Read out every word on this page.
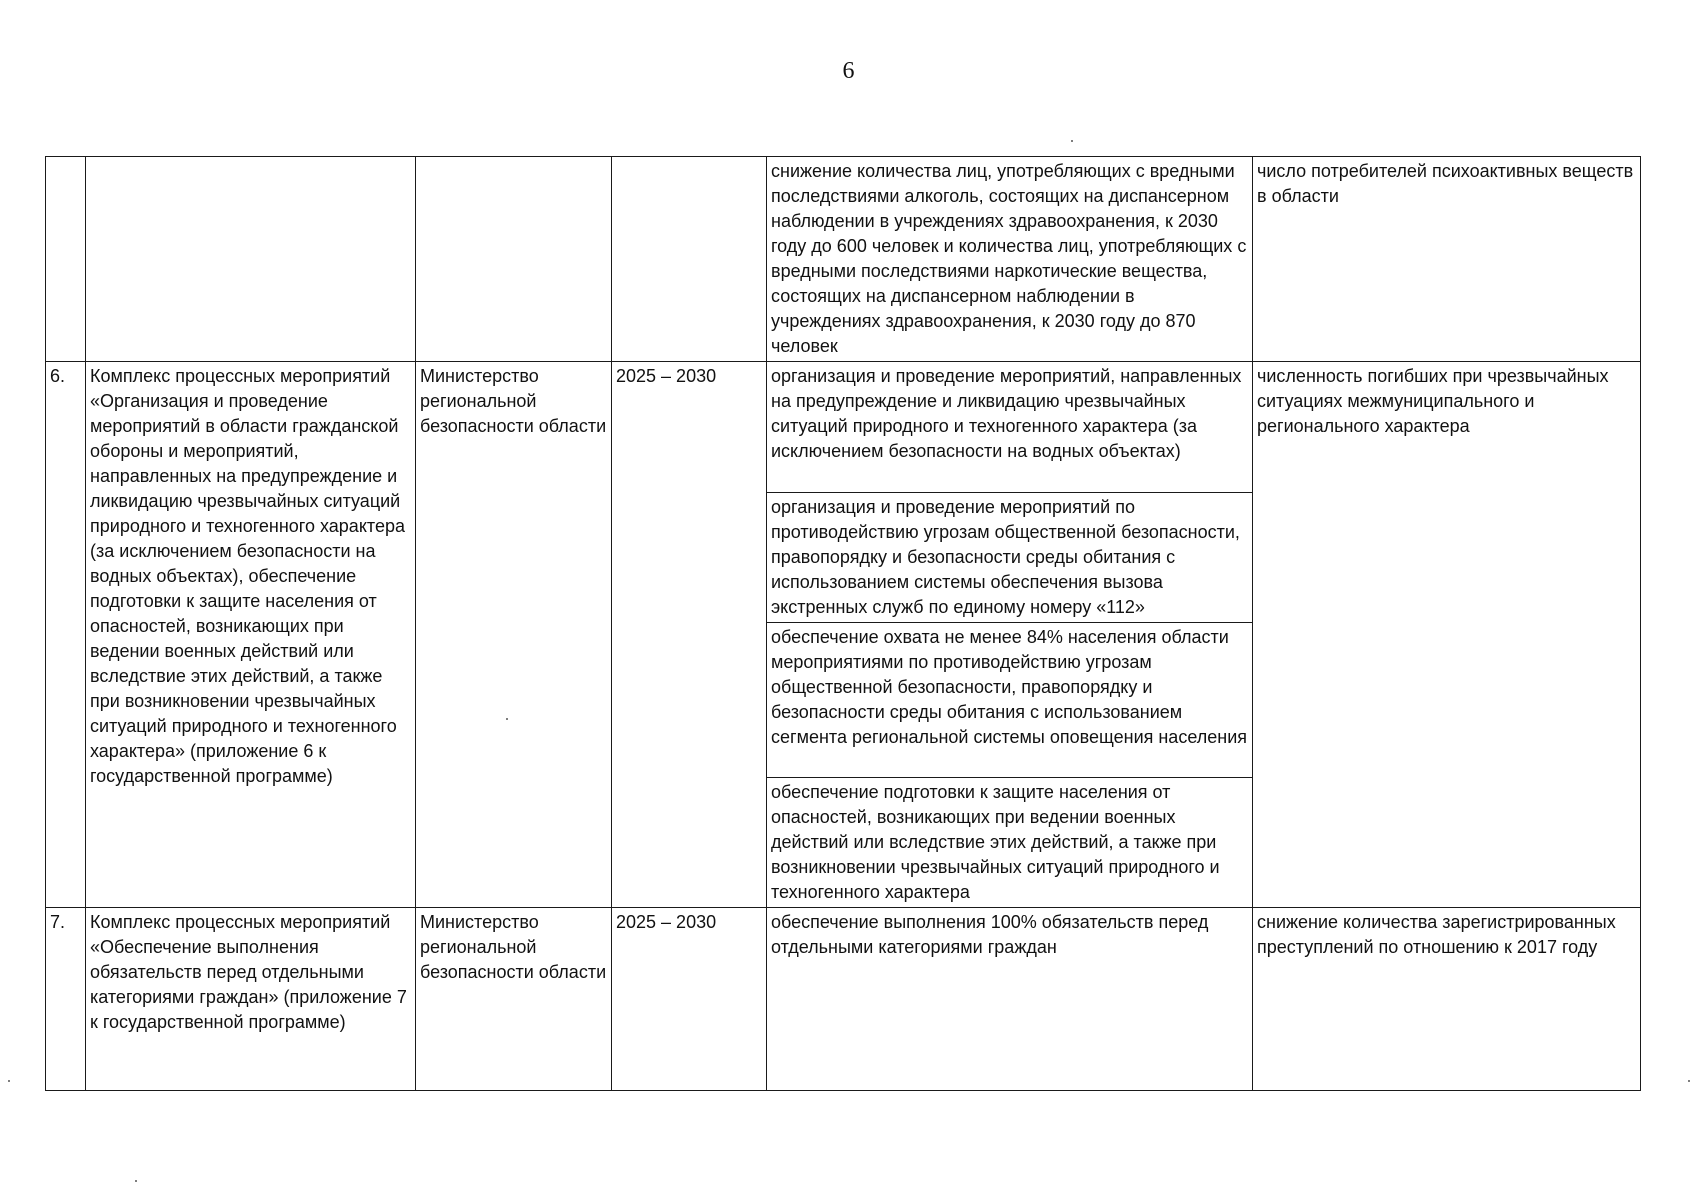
6
				снижение количества лиц, употребляющих с вредными последствиями алкоголь, состоящих на диспансерном наблюдении в учреждениях здравоохранения, к 2030 году до 600 человек и количества лиц, употребляющих с вредными последствиями наркотические вещества, состоящих на диспансерном наблюдении в учреждениях здравоохранения, к 2030 году до 870 человек	число потребителей психоактивных веществ в области
6.	Комплекс процессных мероприятий «Организация и проведение мероприятий в области гражданской обороны и мероприятий, направленных на предупреждение и ликвидацию чрезвычайных ситуаций природного и техногенного характера (за исключением безопасности на водных объектах), обеспечение подготовки к защите населения от опасностей, возникающих при ведении военных действий или вследствие этих действий, а также при возникновении чрезвычайных ситуаций природного и техногенного характера» (приложение 6 к государственной программе)	Министерство региональной безопасности области	2025 – 2030	организация и проведение мероприятий, направленных на предупреждение и ликвидацию чрезвычайных ситуаций природного и техногенного характера (за исключением безопасности на водных объектах)	численность погибших при чрезвычайных ситуациях межмуниципального и регионального характера
				организация и проведение мероприятий по противодействию угрозам общественной безопасности, правопорядку и безопасности среды обитания с использованием системы обеспечения вызова экстренных служб по единому номеру «112»	
				обеспечение охвата не менее 84% населения области мероприятиями по противодействию угрозам общественной безопасности, правопорядку и безопасности среды обитания с использованием сегмента региональной системы оповещения населения	
				обеспечение подготовки к защите населения от опасностей, возникающих при ведении военных действий или вследствие этих действий, а также при возникновении чрезвычайных ситуаций природного и техногенного характера	
7.	Комплекс процессных мероприятий «Обеспечение выполнения обязательств перед отдельными категориями граждан» (приложение 7 к государственной программе)	Министерство региональной безопасности области	2025 – 2030	обеспечение выполнения 100% обязательств перед отдельными категориями граждан	снижение количества зарегистрированных преступлений по отношению к 2017 году
